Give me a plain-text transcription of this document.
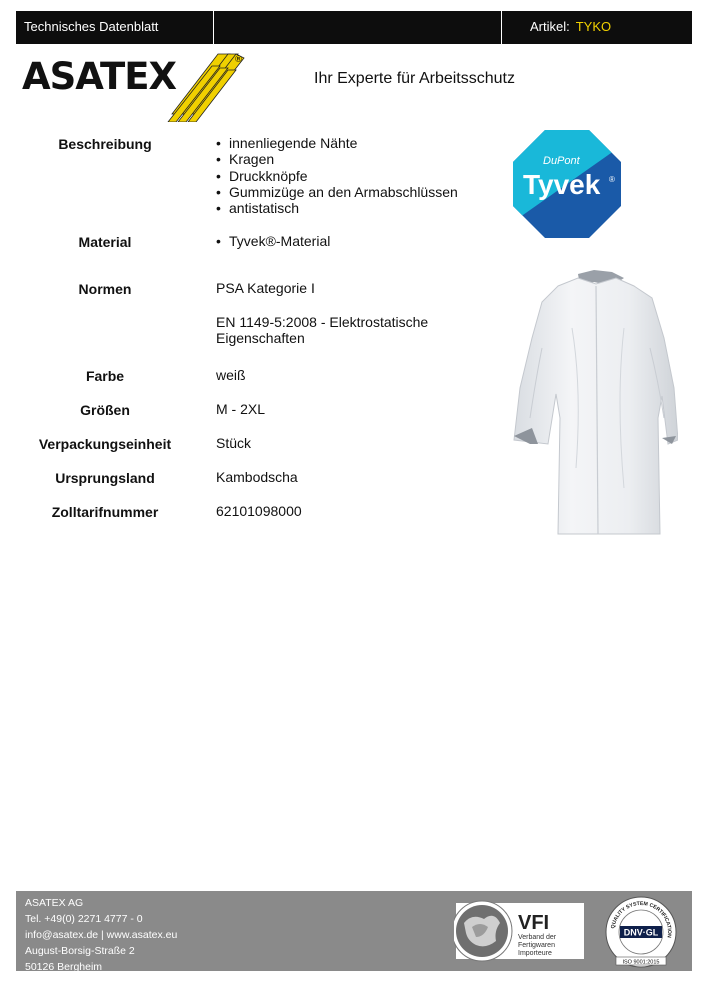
Technisches Datenblatt	Artikel: TYKO
®
ASATEX	Ihr Experte für Arbeitsschutz
Beschreibung	• innenliegende Nähte
• Kragen
• Druckknöpfe
• Gummizüge an den Armabschlüssen
• antistatisch
Material	• Tyvek®-Material
Normen	PSA Kategorie I
EN 1149-5:2008 - Elektrostatische
Eigenschaften
Farbe	weiß
Größen	M - 2XL
Verpackungseinheit	Stück
Ursprungsland	Kambodscha
Zolltarifnummer	62101098000
DuPont
Tyvek ®
ASATEX AG
Tel. +49(0) 2271 4777 - 0
info@asatex.de | www.asatex.eu
August-Borsig-Straße 2
50126 Bergheim
VFI
Verband der
Fertigwaren
Importeure
QUALITY SYSTEM CERTIFICATION
DNV·GL
ISO 9001:2015
